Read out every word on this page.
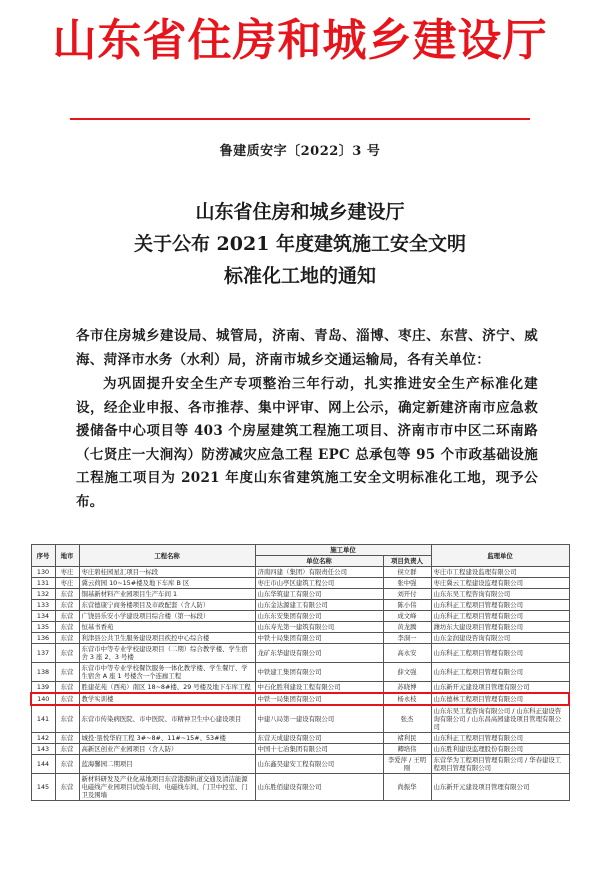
山东省住房和城乡建设厅
鲁建质安字〔2022〕3 号
山东省住房和城乡建设厅
关于公布 2021 年度建筑施工安全文明
标准化工地的通知
各市住房城乡建设局、城管局，济南、青岛、淄博、枣庄、东营、济宁、威海、菏泽市水务（水利）局，济南市城乡交通运输局，各有关单位：
为巩固提升安全生产专项整治三年行动，扎实推进安全生产标准化建设，经企业申报、各市推荐、集中评审、网上公示，确定新建济南市应急救援储备中心项目等 403 个房屋建筑工程施工项目、济南市市中区二环南路（七贤庄一大涧沟）防涝减灾应急工程 EPC 总承包等 95 个市政基础设施工程施工项目为 2021 年度山东省建筑施工安全文明标准化工地，现予公布。
序号	地市	工程名称	施工单位		监理单位
			单位名称	项目负责人	
130	枣庄	枣庄碧桂园星汇项目一标段	济南四建（集团）有限责任公司	侯立群	枣庄市工程建设监理有限公司
131	枣庄	冀云荷园 10~15#楼及地下车库 B 区	枣庄市山亭区建筑工程公司	张中强	枣庄冀云工程建设监理有限公司
132	东营	铜基新材料产业园项目生产车间 1	山东华筑建工有限公司	刘开付	山东东吴工程咨询有限公司
133	东营	东营德康宁商务楼项目及市政配套（含人防）	山东金达源建工有限公司	陈小伟	山东科正工程项目管理有限公司
134	东营	广饶县乐安小学建设项目综合楼（第一标段）	山东东安集团有限公司	成文峰	山东科正工程项目管理有限公司
135	东营	恒基书香苑	山东寿光第一建筑有限公司	黄龙腾	潍坊东大建设项目管理有限公司
136	东营	利津县公共卫生服务建设项目疾控中心综合楼	中铁十局集团有限公司	李洞一	山东金润建设咨询有限公司
137	东营	东营市中等专业学校建设项目（二期）综合教学楼、学生宿舍 3 座 2、3 号楼	龙矿东华建设有限公司	高永安	山东科正工程项目管理有限公司
138	东营	东营市中等专业学校餐饮服务一体化教学楼、学生餐厅、学生宿舍 A 座 1 号楼含一个连廊工程	中铁建工集团有限公司	薛文强	山东科正工程项目管理有限公司
139	东营	胜建花苑（西苑）南区 18~8#楼、29 号楼及地下车库工程	中石化胜利建设工程有限公司	苏晓博	山东新开元建设项目管理有限公司
140	东营	教学实训楼	中铁一局集团有限公司	杨永枝	山东德林工程项目管理有限公司
141	东营	东营市传染病医院、市中医院、市精神卫生中心建设项目	中建八局第一建设有限公司	张杰	山东东吴工程咨询有限公司 / 山东科正建设咨询有限公司 / 山东昌高园建设项目管理有限公司
142	东营	城投·垦悦华府工程 3#~8#、11#~15#、53#楼	东营天成建设有限公司	褚利民	山东科正工程项目管理有限公司
143	东营	高新区创业产业园项目（含人防）	中国十七冶集团有限公司	卿培伟	山东胜利建设监理股份有限公司
144	东营	蓝海馨园二期项目	山东鑫昊建安工程有限公司	李爱萍 / 王明刚	东营华为工程项目管理有限公司 / 华春建设工程项目管理有限公司
145	东营	新材料研发及产业化基地项目东营港源轨道交通及清洁能源电磁线产业园项目试验车间、电磁线车间、门卫中控室、门卫及围墙	山东胜佰建设有限公司	尚振华	山东新开元建设项目管理有限公司
